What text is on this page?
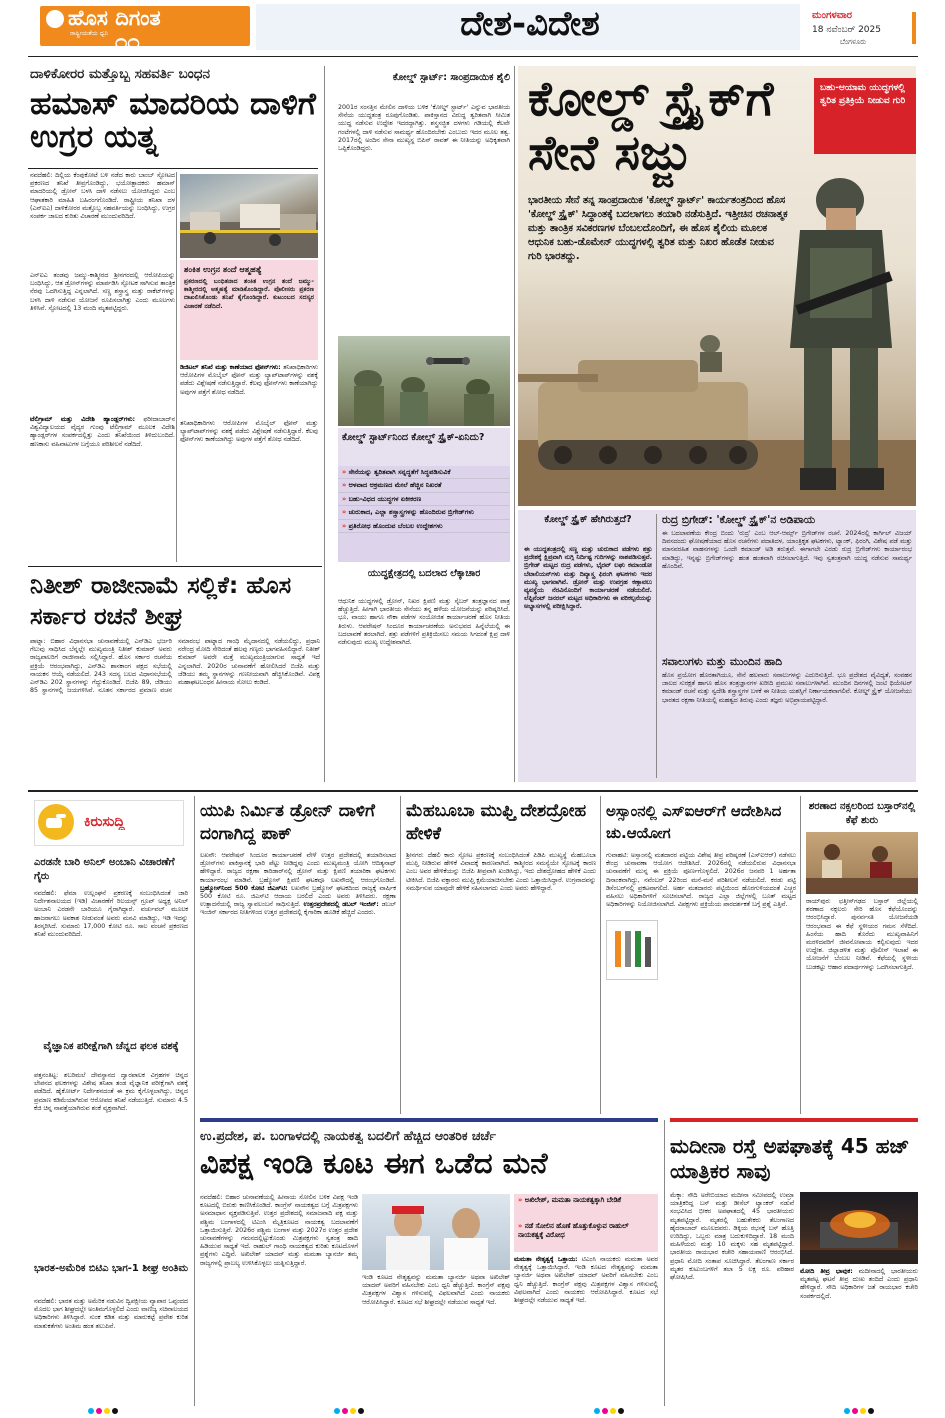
ಹೊಸ ದಿಗಂತ
ರಾಷ್ಟ್ರೀಯತೆಯ ಧ್ವನಿ ೧೧	ದೇಶ-ವಿದೇಶ	ಮಂಗಳವಾರ
18 ನವೆಂಬರ್ 2025
ಬೆಂಗಳೂರು
ದಾಳಿಕೋರರ ಮತ್ತೊಬ್ಬ ಸಹವರ್ತಿ ಬಂಧನ
ಹಮಾಸ್ ಮಾದರಿಯ ದಾಳಿಗೆ ಉಗ್ರರ ಯತ್ನ
ನವದೆಹಲಿ: ದಿಲ್ಲಿಯ ಕೆಂಪುಕೋಟೆ ಬಳಿ ನಡೆದ ಕಾರು ಬಾಂಬ್ ಸ್ಫೋಟದ ಪ್ರಕರಣದ ತನಿಖೆ ತೀವ್ರಗೊಂಡಿದ್ದು, ಭಯೋತ್ಪಾದಕರು ಹಮಾಸ್ ಮಾದರಿಯಲ್ಲಿ ಡ್ರೋನ್ ಬಳಸಿ ದಾಳಿ ನಡೆಸಲು ಯೋಜಿಸಿದ್ದರು ಎಂಬ ಆಘಾತಕಾರಿ ಮಾಹಿತಿ ಬಹಿರಂಗಗೊಂಡಿದೆ. ರಾಷ್ಟ್ರೀಯ ತನಿಖಾ ದಳ (ಎನ್‌ಐಎ) ದಾಳಿಕೋರರ ಮತ್ತೊಬ್ಬ ಸಹವರ್ತಿಯನ್ನು ಬಂಧಿಸಿದ್ದು, ಉಗ್ರರ ಸಂಪರ್ಕ ಜಾಲದ ಕುರಿತು ವಿಚಾರಣೆ ಮುಂದುವರಿದಿದೆ.
ಶಂಕಿತ ಉಗ್ರನ ತಂದೆ ಆತ್ಮಹತ್ಯೆ
ಪ್ರಕರಣದಲ್ಲಿ ಬಂಧಿತನಾದ ಶಂಕಿತ ಉಗ್ರನ ತಂದೆ ಜಮ್ಮು-ಕಾಶ್ಮೀರದಲ್ಲಿ ಆತ್ಮಹತ್ಯೆ ಮಾಡಿಕೊಂಡಿದ್ದಾರೆ. ಪೊಲೀಸರು ಪ್ರಕರಣ ದಾಖಲಿಸಿಕೊಂಡು ತನಿಖೆ ಕೈಗೊಂಡಿದ್ದಾರೆ. ಕುಟುಂಬದ ಸದಸ್ಯರ ವಿಚಾರಣೆ ನಡೆದಿದೆ.
ಎನ್‌ಐಎ ತಂಡವು ಜಮ್ಮು-ಕಾಶ್ಮೀರದ ಶ್ರೀನಗರದಲ್ಲಿ ಆರೋಪಿಯನ್ನು ಬಂಧಿಸಿದ್ದು, ಆತ ಡ್ರೋನ್‌ಗಳನ್ನು ಮಾರ್ಪಡಿಸಿ ಸ್ಫೋಟಕ ಸಾಗಿಸುವ ತಾಂತ್ರಿಕ ನೆರವು ಒದಗಿಸುತ್ತಿದ್ದ ಎನ್ನಲಾಗಿದೆ. ಸಣ್ಣ ಶಸ್ತ್ರಾಸ್ತ್ರ ಮತ್ತು ರಾಕೆಟ್‌ಗಳನ್ನು ಬಳಸಿ ದಾಳಿ ನಡೆಸುವ ಯೋಜನೆ ರೂಪಿಸಲಾಗಿತ್ತು ಎಂದು ಮೂಲಗಳು ತಿಳಿಸಿವೆ. ಸ್ಫೋಟದಲ್ಲಿ 13 ಮಂದಿ ಮೃತಪಟ್ಟಿದ್ದರು.
ಡಿಜಿಟಲ್ ತನಿಖೆ ಮತ್ತು ಕಾಣೆಯಾದ ಫೋನ್‌ಗಳು: ತನಿಖಾಧಿಕಾರಿಗಳು ಆರೋಪಿಗಳ ಮೊಬೈಲ್ ಫೋನ್ ಮತ್ತು ಲ್ಯಾಪ್‌ಟಾಪ್‌ಗಳನ್ನು ವಶಕ್ಕೆ ಪಡೆದು ವಿಶ್ಲೇಷಣೆ ನಡೆಸುತ್ತಿದ್ದಾರೆ. ಕೆಲವು ಫೋನ್‌ಗಳು ಕಾಣೆಯಾಗಿದ್ದು ಅವುಗಳ ಪತ್ತೆಗೆ ಶೋಧ ನಡೆದಿದೆ.
ಟೆಲಿಗ್ರಾಮ್ ಮತ್ತು ವಿದೇಶಿ ಹ್ಯಾಂಡ್ಲರ್‌ಗಳು: ಫರೀದಾಬಾದ್‌ನ ವಿಶ್ವವಿದ್ಯಾಲಯದ ವೈದ್ಯರ ಗುಂಪು ಟೆಲಿಗ್ರಾಮ್ ಮೂಲಕ ವಿದೇಶಿ ಹ್ಯಾಂಡ್ಲರ್‌ಗಳ ಸಂಪರ್ಕದಲ್ಲಿತ್ತು ಎಂದು ತನಿಖೆಯಿಂದ ತಿಳಿದುಬಂದಿದೆ. ಹಣಕಾಸು ವಹಿವಾಟುಗಳ ಬಗ್ಗೆಯೂ ಪರಿಶೀಲನೆ ನಡೆದಿದೆ.
ತನಿಖಾಧಿಕಾರಿಗಳು ಆರೋಪಿಗಳ ಮೊಬೈಲ್ ಫೋನ್ ಮತ್ತು ಲ್ಯಾಪ್‌ಟಾಪ್‌ಗಳನ್ನು ವಶಕ್ಕೆ ಪಡೆದು ವಿಶ್ಲೇಷಣೆ ನಡೆಸುತ್ತಿದ್ದಾರೆ. ಕೆಲವು ಫೋನ್‌ಗಳು ಕಾಣೆಯಾಗಿದ್ದು ಅವುಗಳ ಪತ್ತೆಗೆ ಶೋಧ ನಡೆದಿದೆ.
ಕೋಲ್ಡ್ ಸ್ಟಾರ್ಟ್: ಸಾಂಪ್ರದಾಯಿಕ ಶೈಲಿ
2001ರ ಸಂಸತ್ತಿನ ಮೇಲಿನ ದಾಳಿಯ ಬಳಿಕ 'ಕೋಲ್ಡ್ ಸ್ಟಾರ್ಟ್' ಎನ್ನುವ ಭಾರತೀಯ ಸೇನೆಯ ಯುದ್ಧತಂತ್ರ ರೂಪುಗೊಂಡಿತು. ಪಾಕಿಸ್ತಾನದ ವಿರುದ್ಧ ತ್ವರಿತವಾಗಿ ಸೀಮಿತ ಯುದ್ಧ ನಡೆಸುವ ಉದ್ದೇಶ ಇದರದ್ದಾಗಿತ್ತು. ಶಸ್ತ್ರಸಜ್ಜಿತ ದಳಗಳು ಗಡಿಯಲ್ಲಿ ಕೆಲವೇ ಗಂಟೆಗಳಲ್ಲಿ ದಾಳಿ ನಡೆಸುವ ಸಾಮರ್ಥ್ಯ ಹೊಂದಿರಬೇಕು ಎಂಬುದು ಇದರ ಮೂಲ ತತ್ವ. 2017ರಲ್ಲಿ ಅಂದಿನ ಸೇನಾ ಮುಖ್ಯಸ್ಥ ಬಿಪಿನ್ ರಾವತ್ ಈ ನೀತಿಯನ್ನು ಅಧಿಕೃತವಾಗಿ ಒಪ್ಪಿಕೊಂಡಿದ್ದರು.
ಕೋಲ್ಡ್ ಸ್ಟಾರ್ಟ್‌ನಿಂದ ಕೋಲ್ಡ್ ಸ್ಟ್ರೈಕ್-ಏನಿದು?
» ಸೇನೆಯನ್ನು ತ್ವರಿತವಾಗಿ ಸನ್ನದ್ಧತೆಗೆ ಸಿದ್ಧಪಡಿಸುವಿಕೆ
» ಆಳವಾದ ಆಕ್ರಮಣದ ಮೇಲೆ ಹೆಚ್ಚಿನ ನಿಖರತೆ
» ಬಹು-ವಿಧದ ಯುದ್ಧಗಳ ಏಕೀಕರಣ
» ಚುರುಕಾದ, ಎಲ್ಲಾ ಶಸ್ತ್ರಾಸ್ತ್ರಗಳನ್ನು ಹೊಂದಿರುವ ಬ್ರಿಗೇಡ್‌ಗಳು
» ಪ್ರತಿರೋಧ ಹೊಂದುವ ಬೆಂಬಲ ಉದ್ದೇಶಗಳು
ಯುದ್ಧಕ್ಷೇತ್ರದಲ್ಲಿ ಬದಲಾದ ಲೆಕ್ಕಾಚಾರ
ಆಧುನಿಕ ಯುದ್ಧಗಳಲ್ಲಿ ಡ್ರೋನ್, ನಿಖರ ಕ್ಷಿಪಣಿ ಮತ್ತು ಸೈಬರ್ ತಂತ್ರಜ್ಞಾನದ ಪಾತ್ರ ಹೆಚ್ಚುತ್ತಿದೆ. ಹೀಗಾಗಿ ಭಾರತೀಯ ಸೇನೆಯು ತನ್ನ ಹಳೆಯ ಯೋಜನೆಯನ್ನು ಪರಿಷ್ಕರಿಸಿದೆ. ಭೂ, ವಾಯು ಹಾಗೂ ನೌಕಾ ಪಡೆಗಳ ಸಂಯೋಜಿತ ಕಾರ್ಯಾಚರಣೆ ಹೊಸ ನೀತಿಯ ತಿರುಳು. ಆಪರೇಷನ್ ಸಿಂದೂರ ಕಾರ್ಯಾಚರಣೆಯ ಅನುಭವದ ಹಿನ್ನೆಲೆಯಲ್ಲಿ ಈ ಬದಲಾವಣೆ ತರಲಾಗಿದೆ. ಶತ್ರು ಪಡೆಗಳಿಗೆ ಪ್ರತಿಕ್ರಿಯಿಸಲು ಸಮಯ ಸಿಗದಂತೆ ಕ್ಷಿಪ್ರ ದಾಳಿ ನಡೆಸುವುದು ಮುಖ್ಯ ಉದ್ದೇಶವಾಗಿದೆ.
ಕೋಲ್ಡ್ ಸ್ಟ್ರೈಕ್‌ಗೆ ಸೇನೆ ಸಜ್ಜು
ಬಹು-ಆಯಾಮ ಯುದ್ಧಗಳಲ್ಲಿ ತ್ವರಿತ ಪ್ರತಿಕ್ರಿಯೆ ನೀಡುವ ಗುರಿ
ಭಾರತೀಯ ಸೇನೆ ತನ್ನ ಸಾಂಪ್ರದಾಯಿಕ 'ಕೋಲ್ಡ್ ಸ್ಟಾರ್ಟ್' ಕಾರ್ಯತಂತ್ರದಿಂದ ಹೊಸ 'ಕೋಲ್ಡ್ ಸ್ಟ್ರೈಕ್' ಸಿದ್ಧಾಂತಕ್ಕೆ ಬದಲಾಗಲು ತಯಾರಿ ನಡೆಸುತ್ತಿದೆ. ಇತ್ತೀಚಿನ ರಚನಾತ್ಮಕ ಮತ್ತು ತಾಂತ್ರಿಕ ಸವಿಕರಣಗಳ ಬೆಂಬಲದೊಂದಿಗೆ, ಈ ಹೊಸ ಶೈಲಿಯ ಮೂಲಕ ಆಧುನಿಕ ಬಹು-ಡೊಮೇನ್ ಯುದ್ಧಗಳಲ್ಲಿ ತ್ವರಿತ ಮತ್ತು ನಿಖರ ಹೊಡೆತ ನೀಡುವ ಗುರಿ ಭಾರತದ್ದು.
ಕೋಲ್ಡ್ ಸ್ಟ್ರೈಕ್ ಹೇಗಿರುತ್ತದೆ?
ಈ ಯುದ್ಧತಂತ್ರದಲ್ಲಿ ಸಣ್ಣ ಮತ್ತು ಚುರುಕಾದ ಪಡೆಗಳು ಶತ್ರು ಪ್ರದೇಶಕ್ಕೆ ಕ್ಷಿಪ್ರವಾಗಿ ನುಗ್ಗಿ ನಿರ್ದಿಷ್ಟ ಗುರಿಗಳನ್ನು ನಾಶಪಡಿಸುತ್ತವೆ. ಬ್ರಿಗೇಡ್ ಮಟ್ಟದ ರುದ್ರ ಪಡೆಗಳು, ಭೈರವ್ ಲಘು ಕಮಾಂಡೋ ಬೆಟಾಲಿಯನ್‌ಗಳು ಮತ್ತು ದಿವ್ಯಾಸ್ತ್ರ ಫಿರಂಗಿ ಘಟಕಗಳು ಇದರ ಮುಖ್ಯ ಭಾಗವಾಗಿವೆ. ಡ್ರೋನ್ ಮತ್ತು ಉಪಗ್ರಹ ಕಣ್ಗಾವಲು ವ್ಯವಸ್ಥೆಯ ನೆರವಿನೊಂದಿಗೆ ಕಾರ್ಯಾಚರಣೆ ನಡೆಯಲಿದೆ. ಲೆಫ್ಟಿನೆಂಟ್ ಜನರಲ್ ಮಟ್ಟದ ಅಧಿಕಾರಿಗಳು ಈ ಪರಿಕಲ್ಪನೆಯನ್ನು ಅಭ್ಯಾಸಗಳಲ್ಲಿ ಪರೀಕ್ಷಿಸಿದ್ದಾರೆ.
ರುದ್ರ ಬ್ರಿಗೇಡ್: 'ಕೋಲ್ಡ್ ಸ್ಟ್ರೈಕ್'ನ ಅಡಿಪಾಯ
ಈ ಬದಲಾವಣೆಯ ಕೇಂದ್ರ ಬಿಂದು 'ರುದ್ರ' ಎಂಬ ಆಲ್-ಆರ್ಮ್ಸ್ ಬ್ರಿಗೇಡ್‌ಗಳ ರಚನೆ. 2024ರಲ್ಲಿ ಕಾರ್ಗಿಲ್ ವಿಜಯ್ ದಿವಸದಂದು ಘೋಷಣೆಯಾದ ಹೊಸ ರಚನೆಗಳು ಪದಾತಿದಳ, ಯಾಂತ್ರಿಕೃತ ಘಟಕಗಳು, ಟ್ಯಾಂಕ್, ಫಿರಂಗಿ, ವಿಶೇಷ ಪಡೆ ಮತ್ತು ಮಾನವರಹಿತ ವಾಹನಗಳನ್ನು ಒಂದೇ ಕಮಾಂಡ್ ಅಡಿ ತರುತ್ತವೆ. ಈಗಾಗಲೇ ಎರಡು ರುದ್ರ ಬ್ರಿಗೇಡ್‌ಗಳು ಕಾರ್ಯಾರಂಭ ಮಾಡಿದ್ದು, ಇನ್ನಷ್ಟು ಬ್ರಿಗೇಡ್‌ಗಳನ್ನು ಹಂತ ಹಂತವಾಗಿ ರಚಿಸಲಾಗುತ್ತಿದೆ. ಇವು ಸ್ವತಂತ್ರವಾಗಿ ಯುದ್ಧ ನಡೆಸುವ ಸಾಮರ್ಥ್ಯ ಹೊಂದಿವೆ.
ಸವಾಲುಗಳು ಮತ್ತು ಮುಂದಿನ ಹಾದಿ
ಹೊಸ ಪ್ರಯೋಗ ಹೊರತಾಗಿಯೂ, ಸೇನೆ ಹಲವಾರು ಸವಾಲುಗಳನ್ನು ಎದುರಿಸುತ್ತಿದೆ. ಭೂ ಪ್ರದೇಶದ ವೈವಿಧ್ಯತೆ, ಸಂವಹನ ಜಾಲದ ಸುರಕ್ಷತೆ ಹಾಗೂ ಹೊಸ ತಂತ್ರಜ್ಞಾನಗಳ ಖರೀದಿ ಪ್ರಮುಖ ಸವಾಲುಗಳಾಗಿವೆ. ಮುಂದಿನ ದಿನಗಳಲ್ಲಿ ಜಂಟಿ ಥಿಯೇಟರ್ ಕಮಾಂಡ್ ರಚನೆ ಮತ್ತು ಸ್ವದೇಶಿ ಶಸ್ತ್ರಾಸ್ತ್ರಗಳ ಬಳಕೆ ಈ ನೀತಿಯ ಯಶಸ್ಸಿಗೆ ನಿರ್ಣಾಯಕವಾಗಲಿವೆ. ಕೋಲ್ಡ್ ಸ್ಟ್ರೈಕ್ ಯೋಜನೆಯು ಭಾರತದ ರಕ್ಷಣಾ ನೀತಿಯಲ್ಲಿ ಮಹತ್ವದ ತಿರುವು ಎಂದು ತಜ್ಞರು ಅಭಿಪ್ರಾಯಪಟ್ಟಿದ್ದಾರೆ.
ನಿತೀಶ್ ರಾಜೀನಾಮೆ ಸಲ್ಲಿಕೆ: ಹೊಸ ಸರ್ಕಾರ ರಚನೆ ಶೀಘ್ರ
ಪಾಟ್ನಾ: ಬಿಹಾರ ವಿಧಾನಸಭಾ ಚುನಾವಣೆಯಲ್ಲಿ ಎನ್‌ಡಿಎ ಭರ್ಜರಿ ಗೆಲುವು ಸಾಧಿಸಿದ ಬೆನ್ನಲ್ಲೇ ಮುಖ್ಯಮಂತ್ರಿ ನಿತೀಶ್ ಕುಮಾರ್ ಅವರು ರಾಜ್ಯಪಾಲರಿಗೆ ರಾಜೀನಾಮೆ ಸಲ್ಲಿಸಿದ್ದಾರೆ. ಹೊಸ ಸರ್ಕಾರ ರಚನೆಯ ಪ್ರಕ್ರಿಯೆ ಆರಂಭವಾಗಿದ್ದು, ಎನ್‌ಡಿಎ ಶಾಸಕಾಂಗ ಪಕ್ಷದ ಸಭೆಯಲ್ಲಿ ನಾಯಕನ ಆಯ್ಕೆ ನಡೆಯಲಿದೆ. 243 ಸದಸ್ಯ ಬಲದ ವಿಧಾನಸಭೆಯಲ್ಲಿ ಎನ್‌ಡಿಎ 202 ಸ್ಥಾನಗಳನ್ನು ಗೆದ್ದುಕೊಂಡಿದೆ. ಬಿಜೆಪಿ 89, ಜೆಡಿಯು 85 ಸ್ಥಾನಗಳಲ್ಲಿ ಜಯಗಳಿಸಿವೆ. ನೂತನ ಸರ್ಕಾರದ ಪ್ರಮಾಣ ವಚನ ಸಮಾರಂಭ ಪಾಟ್ನಾದ ಗಾಂಧಿ ಮೈದಾನದಲ್ಲಿ ನಡೆಯಲಿದ್ದು, ಪ್ರಧಾನಿ ನರೇಂದ್ರ ಮೋದಿ ಸೇರಿದಂತೆ ಹಲವು ಗಣ್ಯರು ಭಾಗವಹಿಸಲಿದ್ದಾರೆ. ನಿತೀಶ್ ಕುಮಾರ್ ಅವರೇ ಮತ್ತೆ ಮುಖ್ಯಮಂತ್ರಿಯಾಗುವ ಸಾಧ್ಯತೆ ಇದೆ ಎನ್ನಲಾಗಿದೆ. 2020ರ ಚುನಾವಣೆಗೆ ಹೋಲಿಸಿದರೆ ಬಿಜೆಪಿ ಮತ್ತು ಜೆಡಿಯು ತಮ್ಮ ಸ್ಥಾನಗಳನ್ನು ಗಣನೀಯವಾಗಿ ಹೆಚ್ಚಿಸಿಕೊಂಡಿವೆ. ವಿಪಕ್ಷ ಮಹಾಘಟಬಂಧನ ಹೀನಾಯ ಸೋಲು ಕಂಡಿದೆ.
ಕಿರುಸುದ್ದಿ
ಎರಡನೇ ಬಾರಿ ಅನಿಲ್ ಅಂಬಾನಿ ವಿಚಾರಣೆಗೆ ಗೈರು
ನವದೆಹಲಿ: ಫೆಮಾ ಉಲ್ಲಂಘನೆ ಪ್ರಕರಣಕ್ಕೆ ಸಂಬಂಧಿಸಿದಂತೆ ಜಾರಿ ನಿರ್ದೇಶನಾಲಯದ (ಇಡಿ) ವಿಚಾರಣೆಗೆ ರಿಲಯನ್ಸ್ ಗ್ರೂಪ್ ಅಧ್ಯಕ್ಷ ಅನಿಲ್ ಅಂಬಾನಿ ಎರಡನೇ ಬಾರಿಯೂ ಗೈರಾಗಿದ್ದಾರೆ. ವರ್ಚುವಲ್ ಮೂಲಕ ಹಾಜರಾಗಲು ಅವಕಾಶ ನೀಡುವಂತೆ ಅವರು ಮನವಿ ಮಾಡಿದ್ದು, ಇಡಿ ಇದನ್ನು ತಿರಸ್ಕರಿಸಿದೆ. ಸುಮಾರು 17,000 ಕೋಟಿ ರೂ. ಸಾಲ ವಂಚನೆ ಪ್ರಕರಣದ ತನಿಖೆ ಮುಂದುವರಿದಿದೆ.
ವೈಜ್ಞಾನಿಕ ಪರೀಕ್ಷೆಗಾಗಿ ಚೆನ್ನದ ಫಲಕ ವಶಕ್ಕೆ
ಪತ್ತನಂತಿಟ್ಟ: ಶಬರಿಮಲೆ ದೇವಸ್ಥಾನದ ದ್ವಾರಪಾಲಕ ವಿಗ್ರಹಗಳ ಚಿನ್ನದ ಲೇಪನದ ಫಲಕಗಳನ್ನು ವಿಶೇಷ ತನಿಖಾ ತಂಡ ವೈಜ್ಞಾನಿಕ ಪರೀಕ್ಷೆಗಾಗಿ ವಶಕ್ಕೆ ಪಡೆದಿದೆ. ಹೈಕೋರ್ಟ್ ನಿರ್ದೇಶನದಂತೆ ಈ ಕ್ರಮ ಕೈಗೊಳ್ಳಲಾಗಿದ್ದು, ಚಿನ್ನದ ಪ್ರಮಾಣ ಕಡಿಮೆಯಾಗಿರುವ ಆರೋಪದ ತನಿಖೆ ನಡೆಯುತ್ತಿದೆ. ಸುಮಾರು 4.5 ಕೆಜಿ ಚಿನ್ನ ನಾಪತ್ತೆಯಾಗಿರುವ ಶಂಕೆ ವ್ಯಕ್ತವಾಗಿದೆ.
ಭಾರತ-ಅಮೆರಿಕ ಬಿಟಿಎ ಭಾಗ-1 ಶೀಘ್ರ ಅಂತಿಮ
ನವದೆಹಲಿ: ಭಾರತ ಮತ್ತು ಅಮೆರಿಕ ನಡುವಿನ ದ್ವಿಪಕ್ಷೀಯ ವ್ಯಾಪಾರ ಒಪ್ಪಂದದ ಮೊದಲ ಭಾಗ ಶೀಘ್ರದಲ್ಲೇ ಅಂತಿಮಗೊಳ್ಳಲಿದೆ ಎಂದು ವಾಣಿಜ್ಯ ಸಚಿವಾಲಯದ ಅಧಿಕಾರಿಗಳು ತಿಳಿಸಿದ್ದಾರೆ. ಸುಂಕ ಕಡಿತ ಮತ್ತು ಮಾರುಕಟ್ಟೆ ಪ್ರವೇಶ ಕುರಿತ ಮಾತುಕತೆಗಳು ಅಂತಿಮ ಹಂತ ತಲುಪಿವೆ.
ಯುಪಿ ನಿರ್ಮಿತ ಡ್ರೋನ್ ದಾಳಿಗೆ ದಂಗಾಗಿದ್ದ ಪಾಕ್
ಲಖನೌ: ಆಪರೇಷನ್ ಸಿಂದೂರ ಕಾರ್ಯಾಚರಣೆ ವೇಳೆ ಉತ್ತರ ಪ್ರದೇಶದಲ್ಲಿ ತಯಾರಿಸಲಾದ ಡ್ರೋನ್‌ಗಳು ಪಾಕಿಸ್ತಾನಕ್ಕೆ ಭಾರಿ ಪೆಟ್ಟು ನೀಡಿದ್ದವು ಎಂದು ಮುಖ್ಯಮಂತ್ರಿ ಯೋಗಿ ಆದಿತ್ಯನಾಥ್ ಹೇಳಿದ್ದಾರೆ. ರಾಜ್ಯದ ರಕ್ಷಣಾ ಕಾರಿಡಾರ್‌ನಲ್ಲಿ ಡ್ರೋನ್ ಮತ್ತು ಕ್ಷಿಪಣಿ ತಯಾರಿಕಾ ಘಟಕಗಳು ಕಾರ್ಯಾರಂಭ ಮಾಡಿವೆ. ಬ್ರಹ್ಮೋಸ್ ಕ್ಷಿಪಣಿ ಘಟಕವೂ ಲಖನೌದಲ್ಲಿ ಆರಂಭಗೊಂಡಿದೆ. ಬ್ರಹ್ಮೋಸ್‌ನಿಂದ 500 ಕೋಟಿ ಜಿಎಸ್‌ಟಿ: ಲಖನೌನ ಬ್ರಹ್ಮೋಸ್ ಘಟಕದಿಂದ ರಾಜ್ಯಕ್ಕೆ ವಾರ್ಷಿಕ 500 ಕೋಟಿ ರೂ. ಜಿಎಸ್‌ಟಿ ಆದಾಯ ಬರಲಿದೆ ಎಂದು ಅವರು ತಿಳಿಸಿದರು. ರಕ್ಷಣಾ ಉತ್ಪಾದನೆಯಲ್ಲಿ ರಾಜ್ಯ ಸ್ವಾವಲಂಬನೆ ಸಾಧಿಸುತ್ತಿದೆ. ಉತ್ತರಪ್ರದೇಶದಲ್ಲಿ ಡಬಲ್ ಇಂಜಿನ್: ಡಬಲ್ ಇಂಜಿನ್ ಸರ್ಕಾರದ ನೀತಿಗಳಿಂದ ಉತ್ತರ ಪ್ರದೇಶದಲ್ಲಿ ಕೈಗಾರಿಕಾ ಹೂಡಿಕೆ ಹೆಚ್ಚಿದೆ ಎಂದರು.
ಮೆಹಬೂಬಾ ಮುಫ್ತಿ ದೇಶದ್ರೋಹ ಹೇಳಿಕೆ
ಶ್ರೀನಗರ: ದೆಹಲಿ ಕಾರು ಸ್ಫೋಟ ಪ್ರಕರಣಕ್ಕೆ ಸಂಬಂಧಿಸಿದಂತೆ ಪಿಡಿಪಿ ಮುಖ್ಯಸ್ಥೆ ಮೆಹಬೂಬಾ ಮುಫ್ತಿ ನೀಡಿರುವ ಹೇಳಿಕೆ ವಿವಾದಕ್ಕೆ ಕಾರಣವಾಗಿದೆ. ಕಾಶ್ಮೀರದ ಸಮಸ್ಯೆಯೇ ಸ್ಫೋಟಕ್ಕೆ ಕಾರಣ ಎಂಬ ಅವರ ಹೇಳಿಕೆಯನ್ನು ಬಿಜೆಪಿ ತೀವ್ರವಾಗಿ ಖಂಡಿಸಿದ್ದು, ಇದು ದೇಶದ್ರೋಹದ ಹೇಳಿಕೆ ಎಂದು ಟೀಕಿಸಿದೆ. ಬಿಜೆಪಿ ವಕ್ತಾರರು ಮುಫ್ತಿ ಕ್ಷಮೆಯಾಚಿಸಬೇಕು ಎಂದು ಒತ್ತಾಯಿಸಿದ್ದಾರೆ. ಉಗ್ರವಾದವನ್ನು ಸಮರ್ಥಿಸುವ ಯಾವುದೇ ಹೇಳಿಕೆ ಸಹಿಸಲಾಗದು ಎಂದು ಅವರು ಹೇಳಿದ್ದಾರೆ.
ಅಸ್ಸಾಂನಲ್ಲಿ ಎಸ್‌ಐಆರ್‌ಗೆ ಆದೇಶಿಸಿದ ಚು.ಆಯೋಗ
ಗುವಾಹಟಿ: ಅಸ್ಸಾಂನಲ್ಲಿ ಮತದಾರರ ಪಟ್ಟಿಯ ವಿಶೇಷ ತೀವ್ರ ಪರಿಷ್ಕರಣೆ (ಎಸ್‌ಐಆರ್) ನಡೆಸಲು ಕೇಂದ್ರ ಚುನಾವಣಾ ಆಯೋಗ ಆದೇಶಿಸಿದೆ. 2026ರಲ್ಲಿ ನಡೆಯಲಿರುವ ವಿಧಾನಸಭಾ ಚುನಾವಣೆಗೆ ಮುನ್ನ ಈ ಪ್ರಕ್ರಿಯೆ ಪೂರ್ಣಗೊಳ್ಳಲಿದೆ. 2026ರ ಜನವರಿ 1 ಅರ್ಹತಾ ದಿನಾಂಕವಾಗಿದ್ದು, ನವೆಂಬರ್ 22ರಿಂದ ಮನೆ-ಮನೆ ಪರಿಶೀಲನೆ ನಡೆಯಲಿದೆ. ಕರಡು ಪಟ್ಟಿ ಡಿಸೆಂಬರ್‌ನಲ್ಲಿ ಪ್ರಕಟವಾಗಲಿದೆ. ಅರ್ಹ ಮತದಾರರು ಪಟ್ಟಿಯಿಂದ ಹೊರಗುಳಿಯದಂತೆ ಎಚ್ಚರ ವಹಿಸಲು ಅಧಿಕಾರಿಗಳಿಗೆ ಸೂಚಿಸಲಾಗಿದೆ. ರಾಜ್ಯದ ಎಲ್ಲಾ ಜಿಲ್ಲೆಗಳಲ್ಲಿ ಬೂತ್ ಮಟ್ಟದ ಅಧಿಕಾರಿಗಳನ್ನು ನಿಯೋಜಿಸಲಾಗಿದೆ. ವಿಪಕ್ಷಗಳು ಪ್ರಕ್ರಿಯೆಯ ಪಾರದರ್ಶಕತೆ ಬಗ್ಗೆ ಪ್ರಶ್ನೆ ಎತ್ತಿವೆ.
ಶರಣಾದ ನಕ್ಸಲರಿಂದ ಬಸ್ತಾರ್‌ನಲ್ಲಿ ಕೆಫೆ ಶುರು
ರಾಯ್‌ಪುರ: ಛತ್ತೀಸ್‌ಗಢದ ಬಸ್ತಾರ್ ಜಿಲ್ಲೆಯಲ್ಲಿ ಶರಣಾದ ನಕ್ಸಲರು ಸೇರಿ ಹೊಸ ಕೆಫೆಯೊಂದನ್ನು ಆರಂಭಿಸಿದ್ದಾರೆ. ಪುನರ್ವಸತಿ ಯೋಜನೆಯಡಿ ಆರಂಭವಾದ ಈ ಕೆಫೆ ಸ್ಥಳೀಯರ ಗಮನ ಸೆಳೆದಿದೆ. ಹಿಂಸೆಯ ಹಾದಿ ತೊರೆದು ಮುಖ್ಯವಾಹಿನಿಗೆ ಮರಳಿದವರಿಗೆ ಜೀವನೋಪಾಯ ಕಲ್ಪಿಸುವುದು ಇದರ ಉದ್ದೇಶ. ಜಿಲ್ಲಾಡಳಿತ ಮತ್ತು ಪೊಲೀಸ್ ಇಲಾಖೆ ಈ ಯೋಜನೆಗೆ ಬೆಂಬಲ ನೀಡಿವೆ. ಕೆಫೆಯಲ್ಲಿ ಸ್ಥಳೀಯ ಬುಡಕಟ್ಟು ಆಹಾರ ಪದಾರ್ಥಗಳನ್ನು ಒದಗಿಸಲಾಗುತ್ತಿದೆ.
ಉ.ಪ್ರದೇಶ, ಪ. ಬಂಗಾಳದಲ್ಲಿ ನಾಯಕತ್ವ ಬದಲಿಗೆ ಹೆಚ್ಚಿದ ಆಂತರಿಕ ಚರ್ಚೆ
ವಿಪಕ್ಷ ಇಂಡಿ ಕೂಟ ಈಗ ಒಡೆದ ಮನೆ
ನವದೆಹಲಿ: ಬಿಹಾರ ಚುನಾವಣೆಯಲ್ಲಿ ಹೀನಾಯ ಸೋಲಿನ ಬಳಿಕ ವಿಪಕ್ಷ ಇಂಡಿ ಕೂಟದಲ್ಲಿ ಬಿರುಕು ಕಾಣಿಸಿಕೊಂಡಿದೆ. ಕಾಂಗ್ರೆಸ್ ನಾಯಕತ್ವದ ಬಗ್ಗೆ ಮಿತ್ರಪಕ್ಷಗಳು ಅಸಮಾಧಾನ ವ್ಯಕ್ತಪಡಿಸುತ್ತಿವೆ. ಉತ್ತರ ಪ್ರದೇಶದಲ್ಲಿ ಸಮಾಜವಾದಿ ಪಕ್ಷ ಮತ್ತು ಪಶ್ಚಿಮ ಬಂಗಾಳದಲ್ಲಿ ಟಿಎಂಸಿ ಮೈತ್ರಿಕೂಟದ ನಾಯಕತ್ವ ಬದಲಾವಣೆಗೆ ಒತ್ತಾಯಿಸುತ್ತಿವೆ. 2026ರ ಪಶ್ಚಿಮ ಬಂಗಾಳ ಮತ್ತು 2027ರ ಉತ್ತರ ಪ್ರದೇಶ ಚುನಾವಣೆಗಳನ್ನು ಗಮನದಲ್ಲಿಟ್ಟುಕೊಂಡು ಮಿತ್ರಪಕ್ಷಗಳು ಸ್ವತಂತ್ರ ಹಾದಿ ಹಿಡಿಯುವ ಸಾಧ್ಯತೆ ಇದೆ. ರಾಹುಲ್ ಗಾಂಧಿ ನಾಯಕತ್ವದ ಕುರಿತು ಕೂಟದೊಳಗೆ ಪ್ರಶ್ನೆಗಳು ಎದ್ದಿವೆ. ಅಖಿಲೇಶ್ ಯಾದವ್ ಮತ್ತು ಮಮತಾ ಬ್ಯಾನರ್ಜಿ ತಮ್ಮ ರಾಜ್ಯಗಳಲ್ಲಿ ಪ್ರಾಬಲ್ಯ ಉಳಿಸಿಕೊಳ್ಳಲು ಯತ್ನಿಸುತ್ತಿದ್ದಾರೆ.
» ಅಖಿಲೇಶ್, ಮಮತಾ ನಾಯಕತ್ವಕ್ಕಾಗಿ ಬೇಡಿಕೆ
» ನಡೆ ಸೋಲಿನ ಹೊಣೆ ಹೊತ್ತುಕೊಳ್ಳುವ ರಾಹುಲ್ ನಾಯಕತ್ವಕ್ಕೆ ವಿರೋಧ
ಇಂಡಿ ಕೂಟದ ನೇತೃತ್ವವನ್ನು ಮಮತಾ ಬ್ಯಾನರ್ಜಿ ಅಥವಾ ಅಖಿಲೇಶ್ ಯಾದವ್ ಅವರಿಗೆ ವಹಿಸಬೇಕು ಎಂಬ ಧ್ವನಿ ಹೆಚ್ಚುತ್ತಿದೆ. ಕಾಂಗ್ರೆಸ್ ಪಕ್ಷವು ಮಿತ್ರಪಕ್ಷಗಳ ವಿಶ್ವಾಸ ಗಳಿಸುವಲ್ಲಿ ವಿಫಲವಾಗಿದೆ ಎಂದು ನಾಯಕರು ಆರೋಪಿಸಿದ್ದಾರೆ. ಕೂಟದ ಸಭೆ ಶೀಘ್ರದಲ್ಲೇ ನಡೆಯುವ ಸಾಧ್ಯತೆ ಇದೆ.
ಮಮತಾ ನೇತೃತ್ವಕ್ಕೆ ಒತ್ತಾಯ: ಟಿಎಂಸಿ ನಾಯಕರು ಮಮತಾ ಅವರ ನೇತೃತ್ವಕ್ಕೆ ಒತ್ತಾಯಿಸಿದ್ದಾರೆ. ಇಂಡಿ ಕೂಟದ ನೇತೃತ್ವವನ್ನು ಮಮತಾ ಬ್ಯಾನರ್ಜಿ ಅಥವಾ ಅಖಿಲೇಶ್ ಯಾದವ್ ಅವರಿಗೆ ವಹಿಸಬೇಕು ಎಂಬ ಧ್ವನಿ ಹೆಚ್ಚುತ್ತಿದೆ. ಕಾಂಗ್ರೆಸ್ ಪಕ್ಷವು ಮಿತ್ರಪಕ್ಷಗಳ ವಿಶ್ವಾಸ ಗಳಿಸುವಲ್ಲಿ ವಿಫಲವಾಗಿದೆ ಎಂದು ನಾಯಕರು ಆರೋಪಿಸಿದ್ದಾರೆ. ಕೂಟದ ಸಭೆ ಶೀಘ್ರದಲ್ಲೇ ನಡೆಯುವ ಸಾಧ್ಯತೆ ಇದೆ.
ಮದೀನಾ ರಸ್ತೆ ಅಪಘಾತಕ್ಕೆ 45 ಹಜ್ ಯಾತ್ರಿಕರ ಸಾವು
ಮೆಕ್ಕಾ: ಸೌದಿ ಅರೇಬಿಯಾದ ಮದೀನಾ ಸಮೀಪದಲ್ಲಿ ಉಮ್ರಾ ಯಾತ್ರಿಕರಿದ್ದ ಬಸ್ ಮತ್ತು ಡೀಸೆಲ್ ಟ್ಯಾಂಕರ್ ನಡುವೆ ಸಂಭವಿಸಿದ ಭೀಕರ ಅಪಘಾತದಲ್ಲಿ 45 ಭಾರತೀಯರು ಮೃತಪಟ್ಟಿದ್ದಾರೆ. ಮೃತರಲ್ಲಿ ಬಹುತೇಕರು ತೆಲಂಗಾಣದ ಹೈದರಾಬಾದ್ ಮೂಲದವರು. ಡಿಕ್ಕಿಯ ರಭಸಕ್ಕೆ ಬಸ್ ಹೊತ್ತಿ ಉರಿದಿದ್ದು, ಒಬ್ಬರು ಮಾತ್ರ ಬದುಕುಳಿದಿದ್ದಾರೆ. 18 ಮಂದಿ ಮಹಿಳೆಯರು ಮತ್ತು 10 ಮಕ್ಕಳು ಸಹ ಮೃತಪಟ್ಟಿದ್ದಾರೆ. ಭಾರತೀಯ ರಾಯಭಾರ ಕಚೇರಿ ಸಹಾಯವಾಣಿ ಆರಂಭಿಸಿದೆ. ಪ್ರಧಾನಿ ಮೋದಿ ಸಂತಾಪ ಸೂಚಿಸಿದ್ದಾರೆ. ತೆಲಂಗಾಣ ಸರ್ಕಾರ ಮೃತರ ಕುಟುಂಬಗಳಿಗೆ ತಲಾ 5 ಲಕ್ಷ ರೂ. ಪರಿಹಾರ ಘೋಷಿಸಿದೆ.
ಮೋದಿ ತೀವ್ರ ಭಾವುಕ: ಮದೀನಾದಲ್ಲಿ ಭಾರತೀಯರು ಮೃತಪಟ್ಟ ಘಟನೆ ತೀವ್ರ ದುಃಖ ತಂದಿದೆ ಎಂದು ಪ್ರಧಾನಿ ಹೇಳಿದ್ದಾರೆ. ಸೌದಿ ಅಧಿಕಾರಿಗಳ ಜತೆ ರಾಯಭಾರ ಕಚೇರಿ ಸಂಪರ್ಕದಲ್ಲಿದೆ.
